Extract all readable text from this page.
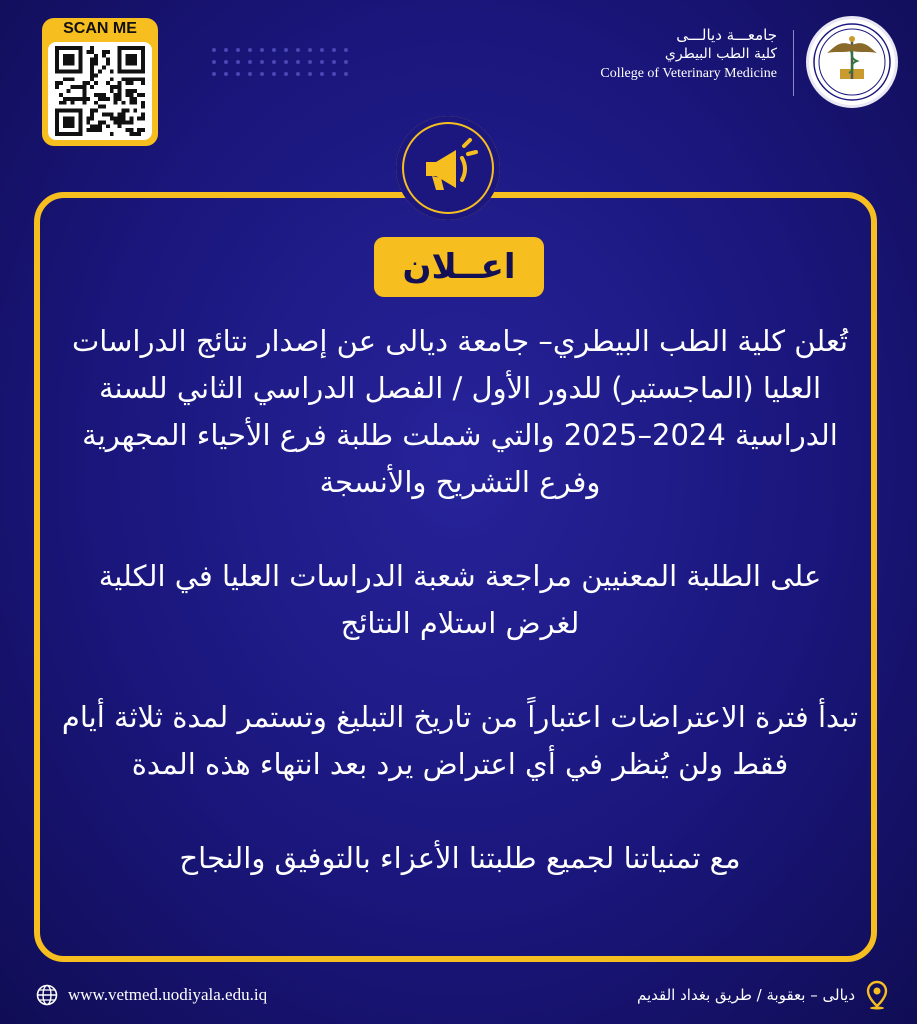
SCAN ME	جامعـــة ديالـــى
كلية الطب البيطري
College of Veterinary Medicine
اعــلان

تُعلن كلية الطب البيطري– جامعة ديالى عن إصدار نتائج الدراسات العليا (الماجستير) للدور الأول / الفصل الدراسي الثاني للسنة الدراسية 2024–2025 والتي شملت طلبة فرع الأحياء المجهرية وفرع التشريح والأنسجة

على الطلبة المعنيين مراجعة شعبة الدراسات العليا في الكلية لغرض استلام النتائج

تبدأ فترة الاعتراضات اعتباراً من تاريخ التبليغ وتستمر لمدة ثلاثة أيام فقط ولن يُنظر في أي اعتراض يرد بعد انتهاء هذه المدة

مع تمنياتنا لجميع طلبتنا الأعزاء بالتوفيق والنجاح

www.vetmed.uodiyala.edu.iq	ديالى – بعقوبة / طريق بغداد القديم
